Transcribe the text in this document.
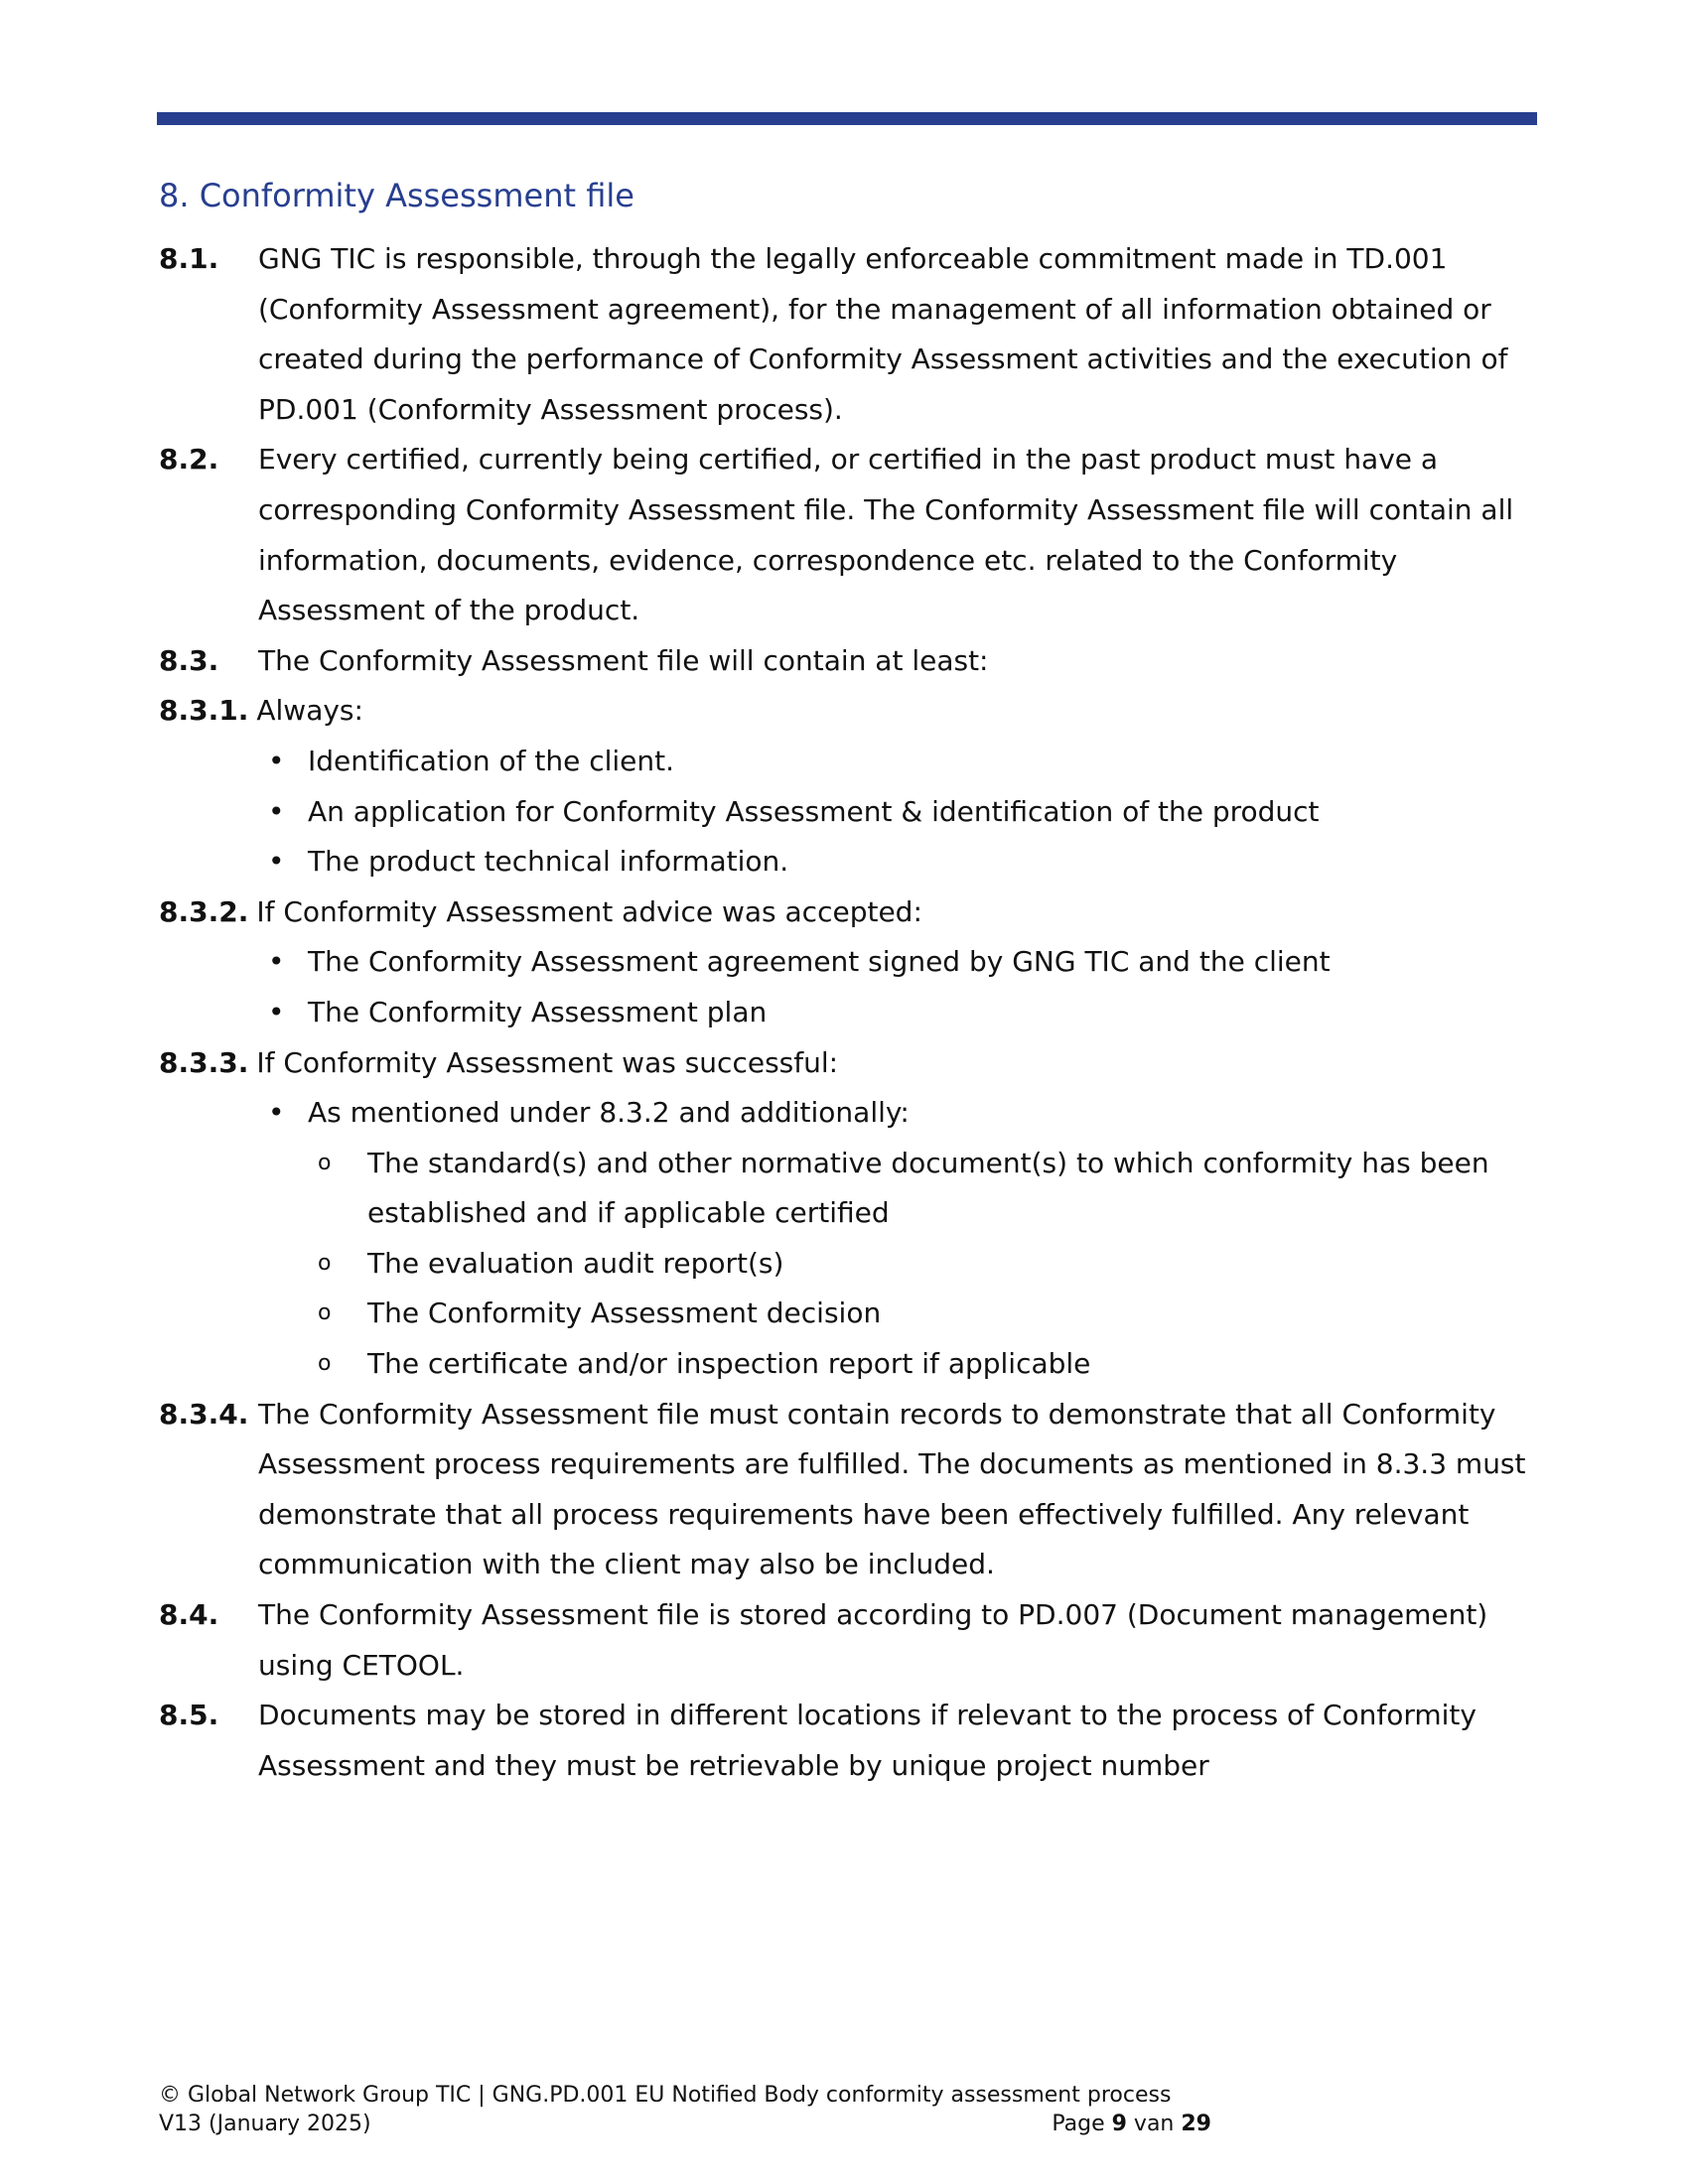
8. Conformity Assessment file
8.1.	GNG TIC is responsible, through the legally enforceable commitment made in TD.001 (Conformity Assessment agreement), for the management of all information obtained or created during the performance of Conformity Assessment activities and the execution of PD.001 (Conformity Assessment process).
8.2.	Every certified, currently being certified, or certified in the past product must have a corresponding Conformity Assessment file. The Conformity Assessment file will contain all information, documents, evidence, correspondence etc. related to the Conformity Assessment of the product.
8.3.	The Conformity Assessment file will contain at least:
8.3.1. Always:
• Identification of the client.
• An application for Conformity Assessment & identification of the product
• The product technical information.
8.3.2. If Conformity Assessment advice was accepted:
• The Conformity Assessment agreement signed by GNG TIC and the client
• The Conformity Assessment plan
8.3.3. If Conformity Assessment was successful:
• As mentioned under 8.3.2 and additionally:
o	The standard(s) and other normative document(s) to which conformity has been established and if applicable certified
o	The evaluation audit report(s)
o	The Conformity Assessment decision
o	The certificate and/or inspection report if applicable
8.3.4. The Conformity Assessment file must contain records to demonstrate that all Conformity Assessment process requirements are fulfilled. The documents as mentioned in 8.3.3 must demonstrate that all process requirements have been effectively fulfilled. Any relevant communication with the client may also be included.
8.4.	The Conformity Assessment file is stored according to PD.007 (Document management) using CETOOL.
8.5.	Documents may be stored in different locations if relevant to the process of Conformity Assessment and they must be retrievable by unique project number
© Global Network Group TIC | GNG.PD.001 EU Notified Body conformity assessment process
V13 (January 2025)	Page 9 van 29
